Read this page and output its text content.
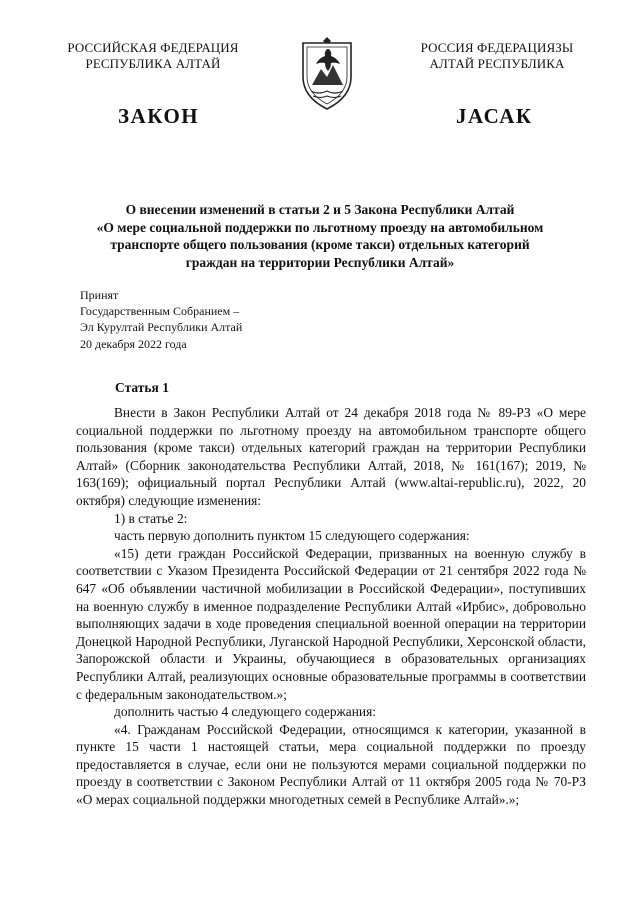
РОССИЙСКАЯ ФЕДЕРАЦИЯ
РЕСПУБЛИКА АЛТАЙ
РОССИЯ ФЕДЕРАЦИЯЗЫ
АЛТАЙ РЕСПУБЛИКА
ЗАКОН	JАСАК
О внесении изменений в статьи 2 и 5 Закона Республики Алтай
«О мере социальной поддержки по льготному проезду на автомобильном
транспорте общего пользования (кроме такси) отдельных категорий
граждан на территории Республики Алтай»
Принят
Государственным Собранием –
Эл Курултай Республики Алтай
20 декабря 2022 года
Статья 1

Внести в Закон Республики Алтай от 24 декабря 2018 года № 89-РЗ «О мере социальной поддержки по льготному проезду на автомобильном транспорте общего пользования (кроме такси) отдельных категорий граждан на территории Республики Алтай» (Сборник законодательства Республики Алтай, 2018, № 161(167); 2019, № 163(169); официальный портал Республики Алтай (www.altai-republic.ru), 2022, 20 октября) следующие изменения:

1) в статье 2:

часть первую дополнить пунктом 15 следующего содержания:

«15) дети граждан Российской Федерации, призванных на военную службу в соответствии с Указом Президента Российской Федерации от 21 сентября 2022 года № 647 «Об объявлении частичной мобилизации в Российской Федерации», поступивших на военную службу в именное подразделение Республики Алтай «Ирбис», добровольно выполняющих задачи в ходе проведения специальной военной операции на территории Донецкой Народной Республики, Луганской Народной Республики, Херсонской области, Запорожской области и Украины, обучающиеся в образовательных организациях Республики Алтай, реализующих основные образовательные программы в соответствии с федеральным законодательством.»;

дополнить частью 4 следующего содержания:

«4. Гражданам Российской Федерации, относящимся к категории, указанной в пункте 15 части 1 настоящей статьи, мера социальной поддержки по проезду предоставляется в случае, если они не пользуются мерами социальной поддержки по проезду в соответствии с Законом Республики Алтай от 11 октября 2005 года № 70-РЗ «О мерах социальной поддержки многодетных семей в Республике Алтай».»;
